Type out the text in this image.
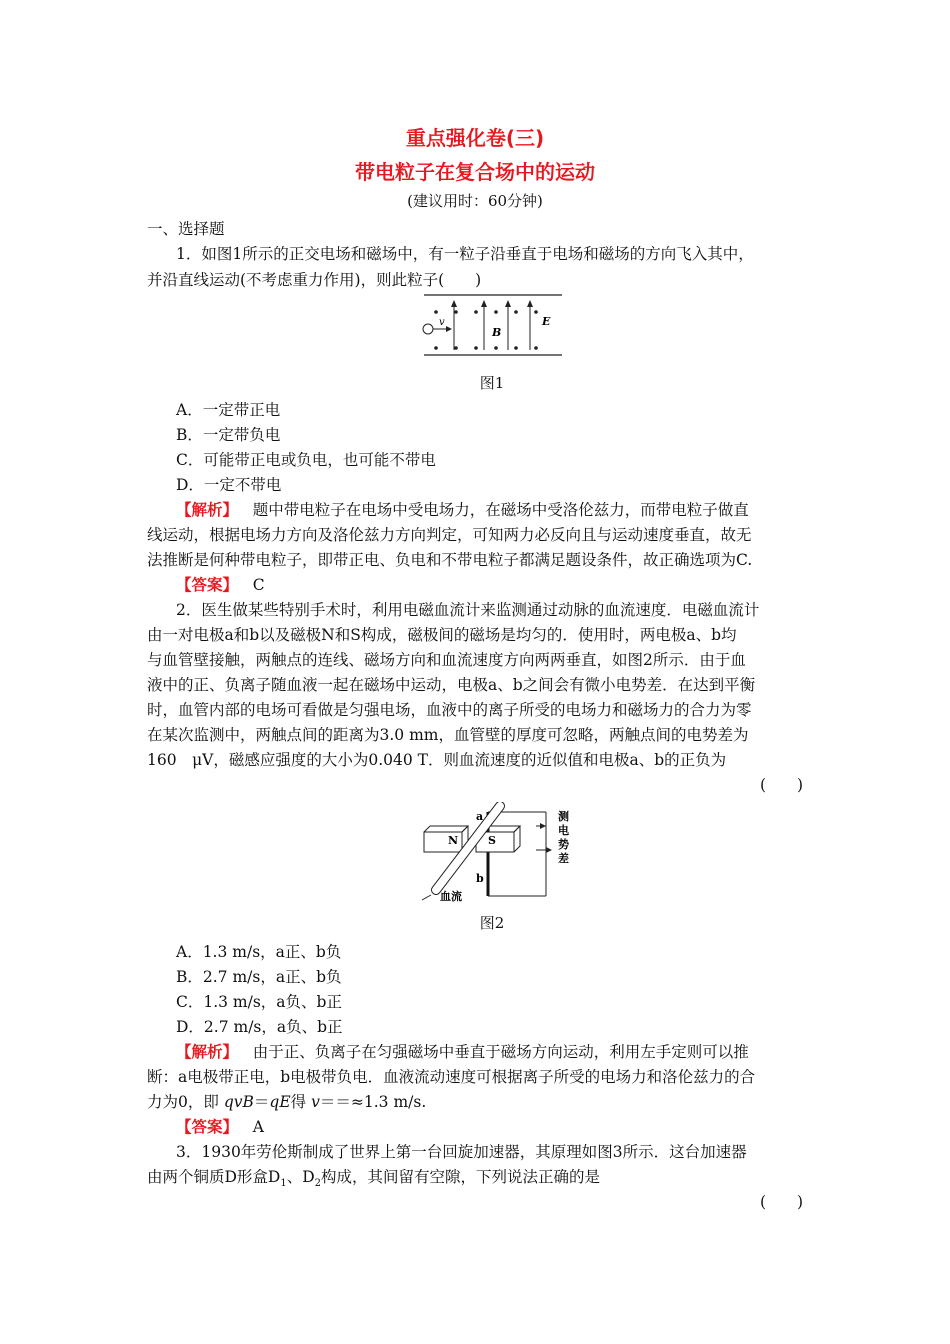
重点强化卷(三)
带电粒子在复合场中的运动
(建议用时：60分钟)
一、选择题
1．如图1所示的正交电场和磁场中，有一粒子沿垂直于电场和磁场的方向飞入其中，
并沿直线运动(不考虑重力作用)，则此粒子(　　)
v
B
E
图1
A．一定带正电
B．一定带负电
C．可能带正电或负电，也可能不带电
D．一定不带电
【解析】 题中带电粒子在电场中受电场力，在磁场中受洛伦兹力，而带电粒子做直
线运动，根据电场力方向及洛伦兹力方向判定，可知两力必反向且与运动速度垂直，故无
法推断是何种带电粒子，即带正电、负电和不带电粒子都满足题设条件，故正确选项为C.
【答案】 C
2．医生做某些特别手术时，利用电磁血流计来监测通过动脉的血流速度．电磁血流计
由一对电极a和b以及磁极N和S构成，磁极间的磁场是均匀的．使用时，两电极a、b均
与血管壁接触，两触点的连线、磁场方向和血流速度方向两两垂直，如图2所示．由于血
液中的正、负离子随血液一起在磁场中运动，电极a、b之间会有微小电势差．在达到平衡
时，血管内部的电场可看做是匀强电场，血液中的离子所受的电场力和磁场力的合力为零
在某次监测中，两触点间的距离为3.0 mm，血管壁的厚度可忽略，两触点间的电势差为
160　μV，磁感应强度的大小为0.040 T．则血流速度的近似值和电极a、b的正负为
(　　)
N	S
a
b
血流
测
电
势
差
图2
A．1.3 m/s，a正、b负
B．2.7 m/s，a正、b负
C．1.3 m/s，a负、b正
D．2.7 m/s，a负、b正
【解析】 由于正、负离子在匀强磁场中垂直于磁场方向运动，利用左手定则可以推
断：a电极带正电，b电极带负电．血液流动速度可根据离子所受的电场力和洛伦兹力的合
力为0，即 qvB＝qE得 v＝＝≈1.3 m/s.
【答案】 A
3．1930年劳伦斯制成了世界上第一台回旋加速器，其原理如图3所示．这台加速器
由两个铜质D形盒$D_1$、$D_2$构成，其间留有空隙，下列说法正确的是
(　　)
